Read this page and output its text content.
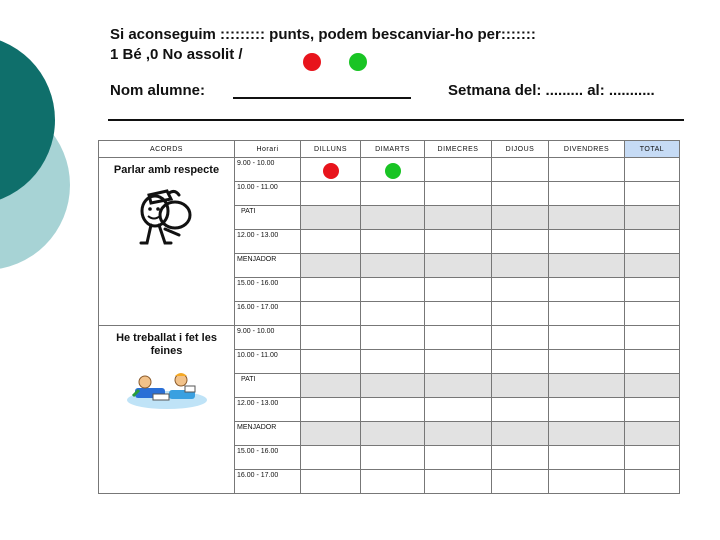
Si aconseguim ::::::::: punts, podem bescanviar-ho per:::::::
1 Bé ,0 No assolit /
Nom alumne:	Setmana del: ......... al: ...........
ACORDS	Horari	DILLUNS	DIMARTS	DIMECRES	DIJOUS	DIVENDRES	TOTAL

Parlar amb respecte	9.00 - 10.00	

	10.00 - 11.00						
	PATI						
	12.00 - 13.00						
	MENJADOR						
	15.00 - 16.00						
	16.00 - 17.00						

He treballat i fet les feines	9.00 - 10.00						
	10.00 - 11.00						
	PATI						
	12.00 - 13.00						
	MENJADOR						
	15.00 - 16.00						
	16.00 - 17.00						
